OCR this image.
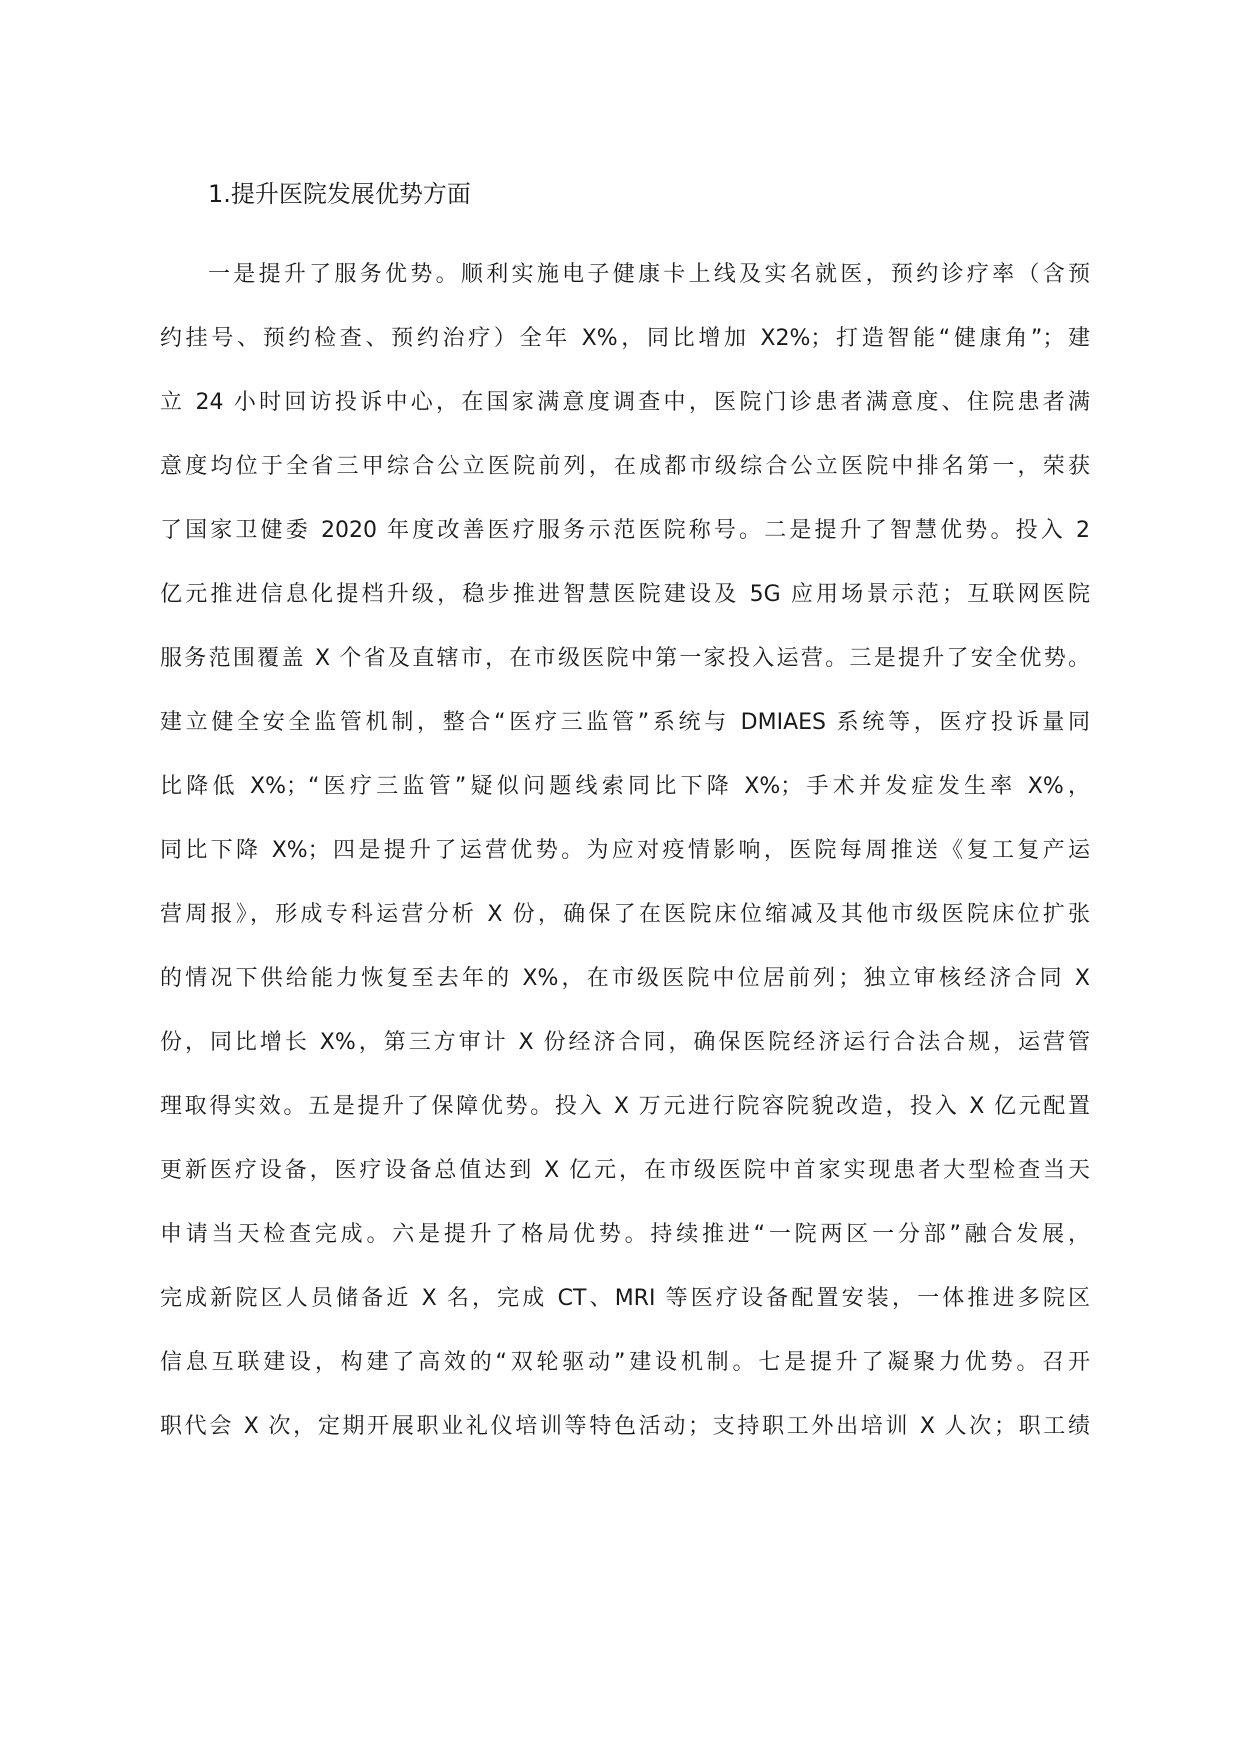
1.提升医院发展优势方面
一是提升了服务优势。顺利实施电子健康卡上线及实名就医，预约诊疗率（含预
约挂号、预约检查、预约治疗）全年 X%，同比增加 X2%；打造智能“健康角”；建
立 24 小时回访投诉中心，在国家满意度调查中，医院门诊患者满意度、住院患者满
意度均位于全省三甲综合公立医院前列，在成都市级综合公立医院中排名第一，荣获
了国家卫健委 2020 年度改善医疗服务示范医院称号。二是提升了智慧优势。投入 2
亿元推进信息化提档升级，稳步推进智慧医院建设及 5G 应用场景示范；互联网医院
服务范围覆盖 X 个省及直辖市，在市级医院中第一家投入运营。三是提升了安全优势。
建立健全安全监管机制，整合“医疗三监管”系统与 DMIAES 系统等，医疗投诉量同
比降低 X%；“医疗三监管”疑似问题线索同比下降 X%；手术并发症发生率 X%，
同比下降 X%；四是提升了运营优势。为应对疫情影响，医院每周推送《复工复产运
营周报》，形成专科运营分析 X 份，确保了在医院床位缩减及其他市级医院床位扩张
的情况下供给能力恢复至去年的 X%，在市级医院中位居前列；独立审核经济合同 X
份，同比增长 X%，第三方审计 X 份经济合同，确保医院经济运行合法合规，运营管
理取得实效。五是提升了保障优势。投入 X 万元进行院容院貌改造，投入 X 亿元配置
更新医疗设备，医疗设备总值达到 X 亿元，在市级医院中首家实现患者大型检查当天
申请当天检查完成。六是提升了格局优势。持续推进“一院两区一分部”融合发展，
完成新院区人员储备近 X 名，完成 CT、MRI 等医疗设备配置安装，一体推进多院区
信息互联建设，构建了高效的“双轮驱动”建设机制。七是提升了凝聚力优势。召开
职代会 X 次，定期开展职业礼仪培训等特色活动；支持职工外出培训 X 人次；职工绩
